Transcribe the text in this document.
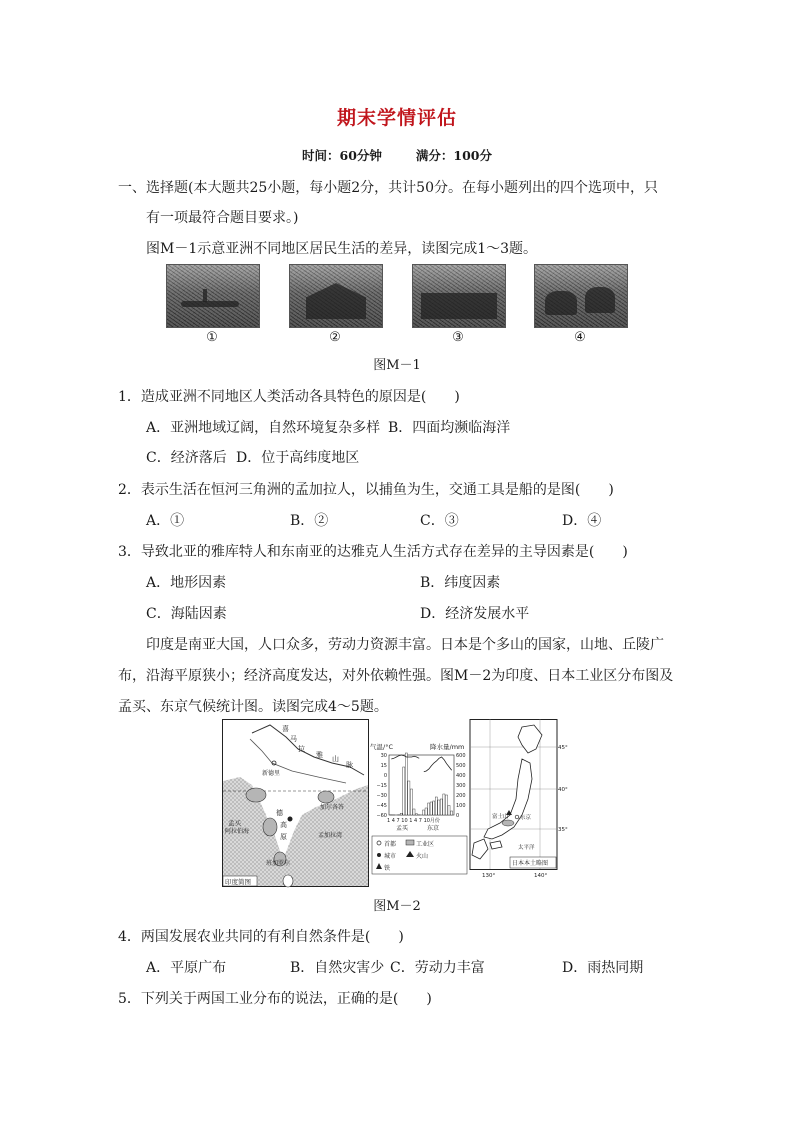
期末学情评估
时间：60分钟	满分：100分
一、选择题(本大题共25小题，每小题2分，共计50分。在每小题列出的四个选项中，只
有一项最符合题目要求。)
图M－1示意亚洲不同地区居民生活的差异，读图完成1～3题。
①	②	③	④
图M－1
1．造成亚洲不同地区人类活动各具特色的原因是(　　)
A．亚洲地域辽阔，自然环境复杂多样 B．四面均濒临海洋
C．经济落后 D．位于高纬度地区
2．表示生活在恒河三角洲的孟加拉人，以捕鱼为生，交通工具是船的是图(　　)
A．①	B．②	C．③	D．④
3．导致北亚的雅库特人和东南亚的达雅克人生活方式存在差异的主导因素是(　　)
A．地形因素	B．纬度因素
C．海陆因素	D．经济发展水平
印度是南亚大国，人口众多，劳动力资源丰富。日本是个多山的国家，山地、丘陵广
布，沿海平原狭小；经济高度发达，对外依赖性强。图M－2为印度、日本工业区分布图及
孟买、东京气候统计图。读图完成4～5题。
喜
马
拉
雅 山
脉
新德里
加尔各答
孟买
德
高
原
阿拉伯海
孟加拉湾
班加罗尔
印度简图
气温/°C	降水量/mm
30
15
0
−15
−30
−45
−60
600
500
400
300
200
100
0
1 4 7 10 1 4 7 10月份
孟买	东京
首都	工业区
城市	火山
铁
富士山 东京
太平洋
45°
40°
35°
130°	140°
日本本土略图
图M－2
4．两国发展农业共同的有利自然条件是(　　)
A．平原广布	B．自然灾害少 C．劳动力丰富	D．雨热同期
5．下列关于两国工业分布的说法，正确的是(　　)
